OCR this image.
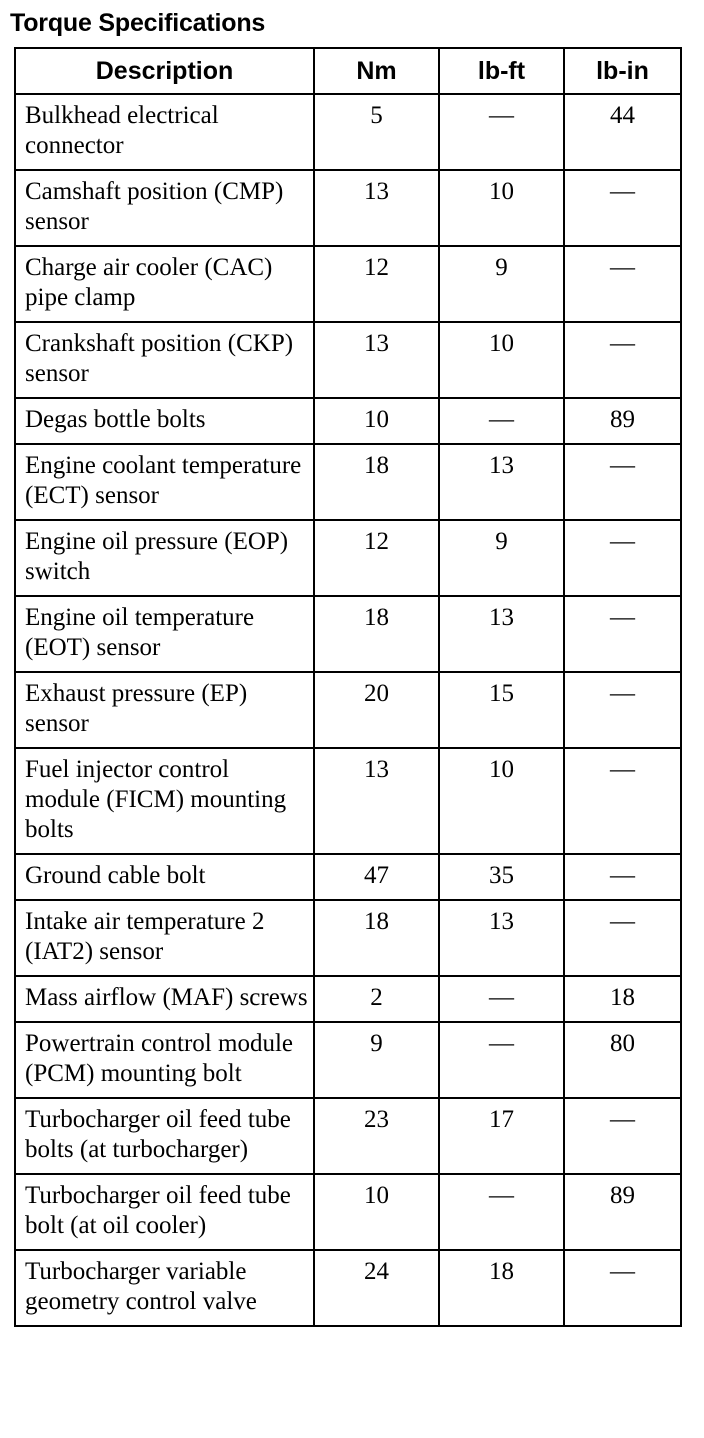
Torque Specifications
Description	Nm	lb-ft	lb-in
Bulkhead electrical connector	5	—	44
Camshaft position (CMP) sensor	13	10	—
Charge air cooler (CAC) pipe clamp	12	9	—
Crankshaft position (CKP) sensor	13	10	—
Degas bottle bolts	10	—	89
Engine coolant temperature (ECT) sensor	18	13	—
Engine oil pressure (EOP) switch	12	9	—
Engine oil temperature (EOT) sensor	18	13	—
Exhaust pressure (EP) sensor	20	15	—
Fuel injector control module (FICM) mounting bolts	13	10	—
Ground cable bolt	47	35	—
Intake air temperature 2 (IAT2) sensor	18	13	—
Mass airflow (MAF) screws	2	—	18
Powertrain control module (PCM) mounting bolt	9	—	80
Turbocharger oil feed tube bolts (at turbocharger)	23	17	—
Turbocharger oil feed tube bolt (at oil cooler)	10	—	89
Turbocharger variable geometry control valve	24	18	—
